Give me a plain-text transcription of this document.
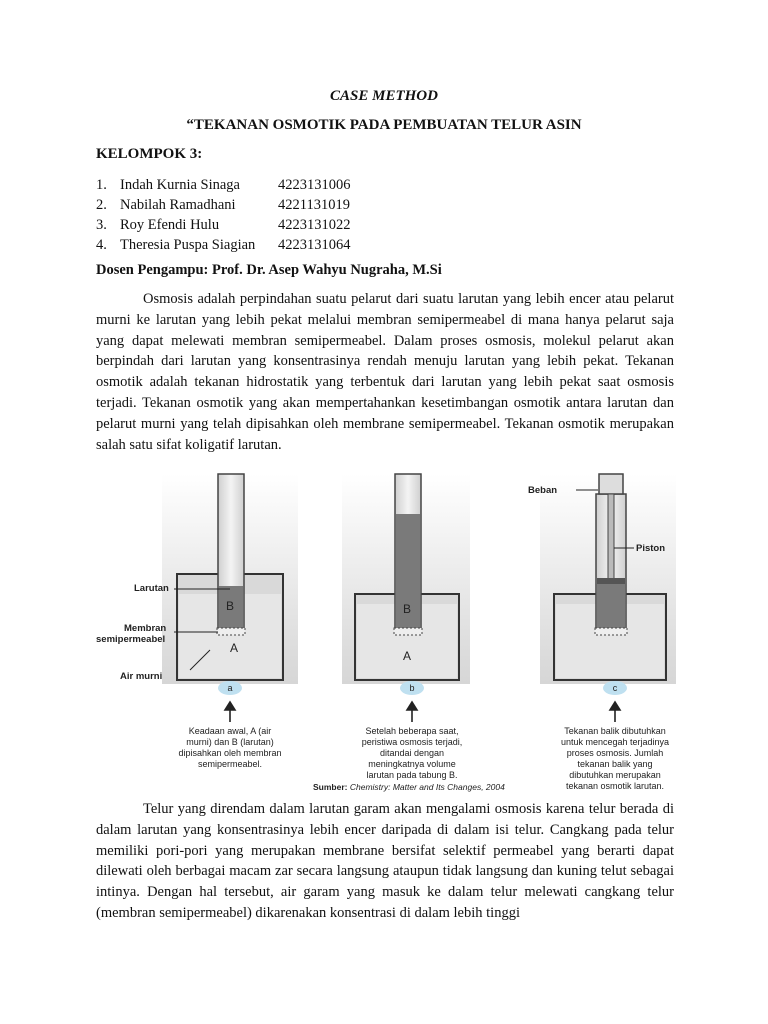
CASE METHOD
“TEKANAN OSMOTIK PADA PEMBUATAN TELUR ASIN
KELOMPOK 3:
1. Indah Kurnia Sinaga	4223131006
2. Nabilah Ramadhani	4221131019
3. Roy Efendi Hulu	4223131022
4. Theresia Puspa Siagian	4223131064
Dosen Pengampu: Prof. Dr. Asep Wahyu Nugraha, M.Si

Osmosis adalah perpindahan suatu pelarut dari suatu larutan yang lebih encer atau pelarut murni ke larutan yang lebih pekat melalui membran semipermeabel di mana hanya pelarut saja yang dapat melewati membran semipermeabel. Dalam proses osmosis, molekul pelarut akan berpindah dari larutan yang konsentrasinya rendah menuju larutan yang lebih pekat. Tekanan osmotik adalah tekanan hidrostatik yang terbentuk dari larutan yang lebih pekat saat osmosis terjadi. Tekanan osmotik yang akan mempertahankan kesetimbangan osmotik antara larutan dan pelarut murni yang telah dipisahkan oleh membrane semipermeabel. Tekanan osmotik merupakan salah satu sifat koligatif larutan.

Larutan
Membran
semipermeabel
Air murni
Beban
Piston
B
A
B
A
a	b	c
Keadaan awal, A (air
murni) dan B (larutan)
dipisahkan oleh membran
semipermeabel.
Setelah beberapa saat,
peristiwa osmosis terjadi,
ditandai dengan
meningkatnya volume
larutan pada tabung B.
Tekanan balik dibutuhkan
untuk mencegah terjadinya
proses osmosis. Jumlah
tekanan balik yang
dibutuhkan merupakan
tekanan osmotik larutan.
Sumber: Chemistry: Matter and Its Changes, 2004

Telur yang direndam dalam larutan garam akan mengalami osmosis karena telur berada di dalam larutan yang konsentrasinya lebih encer daripada di dalam isi telur. Cangkang pada telur memiliki pori-pori yang merupakan membrane bersifat selektif permeabel yang berarti dapat dilewati oleh berbagai macam zar secara langsung ataupun tidak langsung dan kuning telut sebagai intinya. Dengan hal tersebut, air garam yang masuk ke dalam telur melewati cangkang telur (membran semipermeabel) dikarenakan konsentrasi di dalam lebih tinggi
